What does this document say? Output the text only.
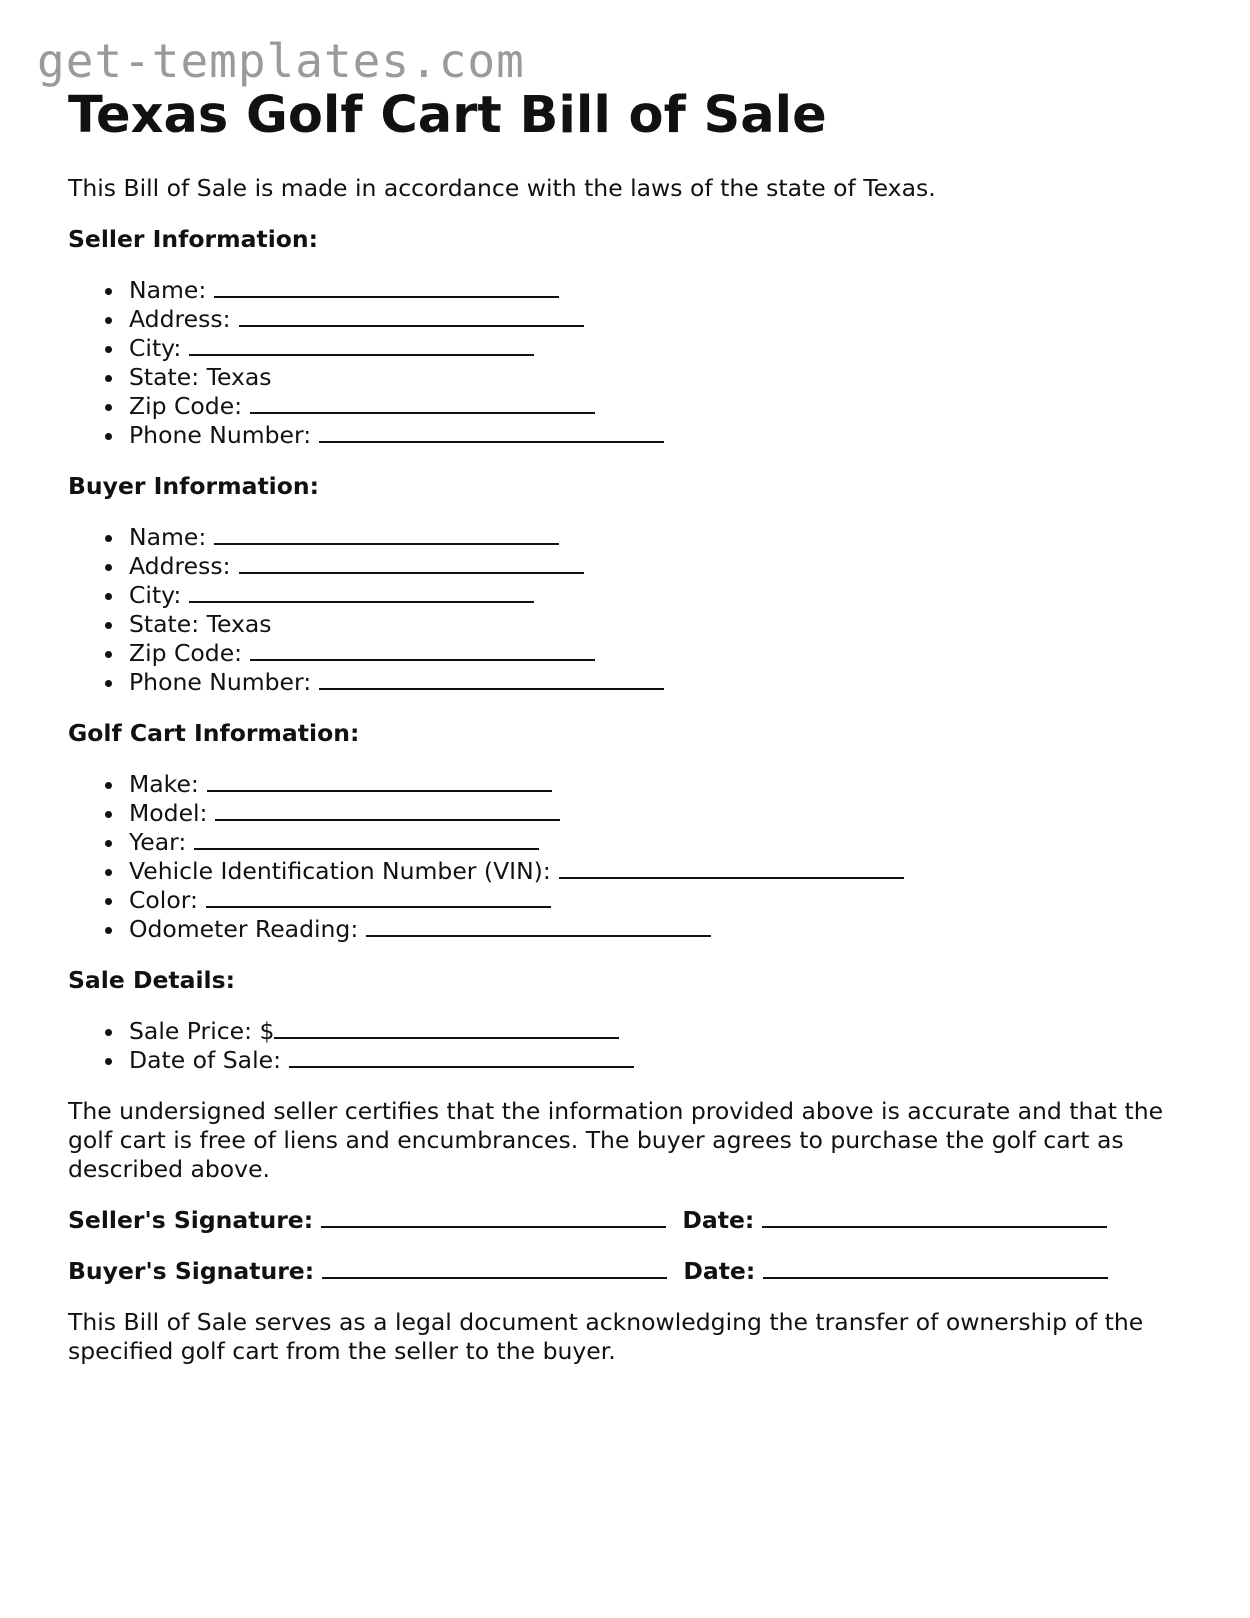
get-templates.com
Texas Golf Cart Bill of Sale

This Bill of Sale is made in accordance with the laws of the state of Texas.

Seller Information:
Name:
Address:
City:
State: Texas
Zip Code:
Phone Number:
Buyer Information:
Name:
Address:
City:
State: Texas
Zip Code:
Phone Number:
Golf Cart Information:
Make:
Model:
Year:
Vehicle Identification Number (VIN):
Color:
Odometer Reading:
Sale Details:
Sale Price: $
Date of Sale:

The undersigned seller certifies that the information provided above is accurate and that the golf cart is free of liens and encumbrances. The buyer agrees to purchase the golf cart as described above.

Seller's Signature:	Date:
Buyer's Signature:	Date:

This Bill of Sale serves as a legal document acknowledging the transfer of ownership of the specified golf cart from the seller to the buyer.
